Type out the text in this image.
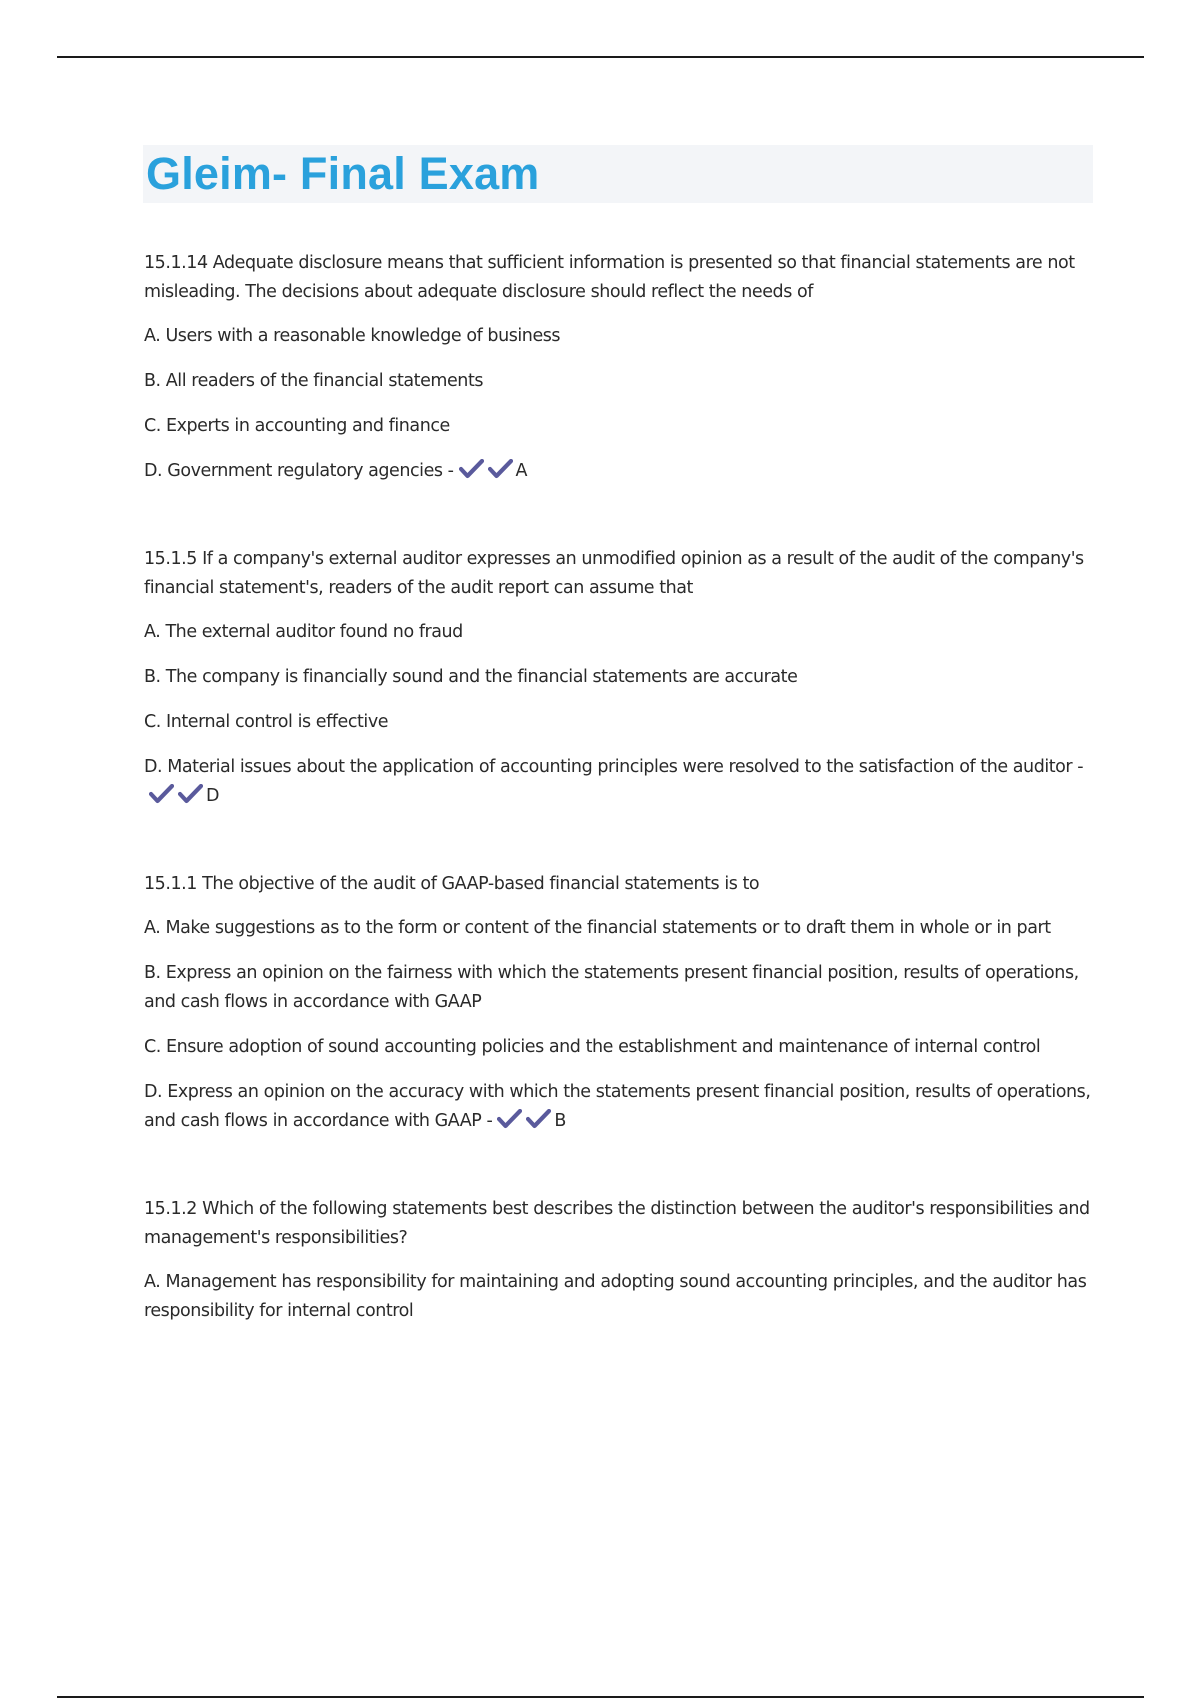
Gleim- Final Exam

15.1.14 Adequate disclosure means that sufficient information is presented so that financial statements are not misleading. The decisions about adequate disclosure should reflect the needs of

A. Users with a reasonable knowledge of business

B. All readers of the financial statements

C. Experts in accounting and finance

D. Government regulatory agencies -	A

15.1.5 If a company's external auditor expresses an unmodified opinion as a result of the audit of the company's financial statement's, readers of the audit report can assume that

A. The external auditor found no fraud

B. The company is financially sound and the financial statements are accurate

C. Internal control is effective

D. Material issues about the application of accounting principles were resolved to the satisfaction of the auditor -D

15.1.1 The objective of the audit of GAAP-based financial statements is to

A. Make suggestions as to the form or content of the financial statements or to draft them in whole or in part

B. Express an opinion on the fairness with which the statements present financial position, results of operations, and cash flows in accordance with GAAP

C. Ensure adoption of sound accounting policies and the establishment and maintenance of internal control

D. Express an opinion on the accuracy with which the statements present financial position, results of operations, and cash flows in accordance with GAAP -	B

15.1.2 Which of the following statements best describes the distinction between the auditor's responsibilities and management's responsibilities?

A. Management has responsibility for maintaining and adopting sound accounting principles, and the auditor has responsibility for internal control
